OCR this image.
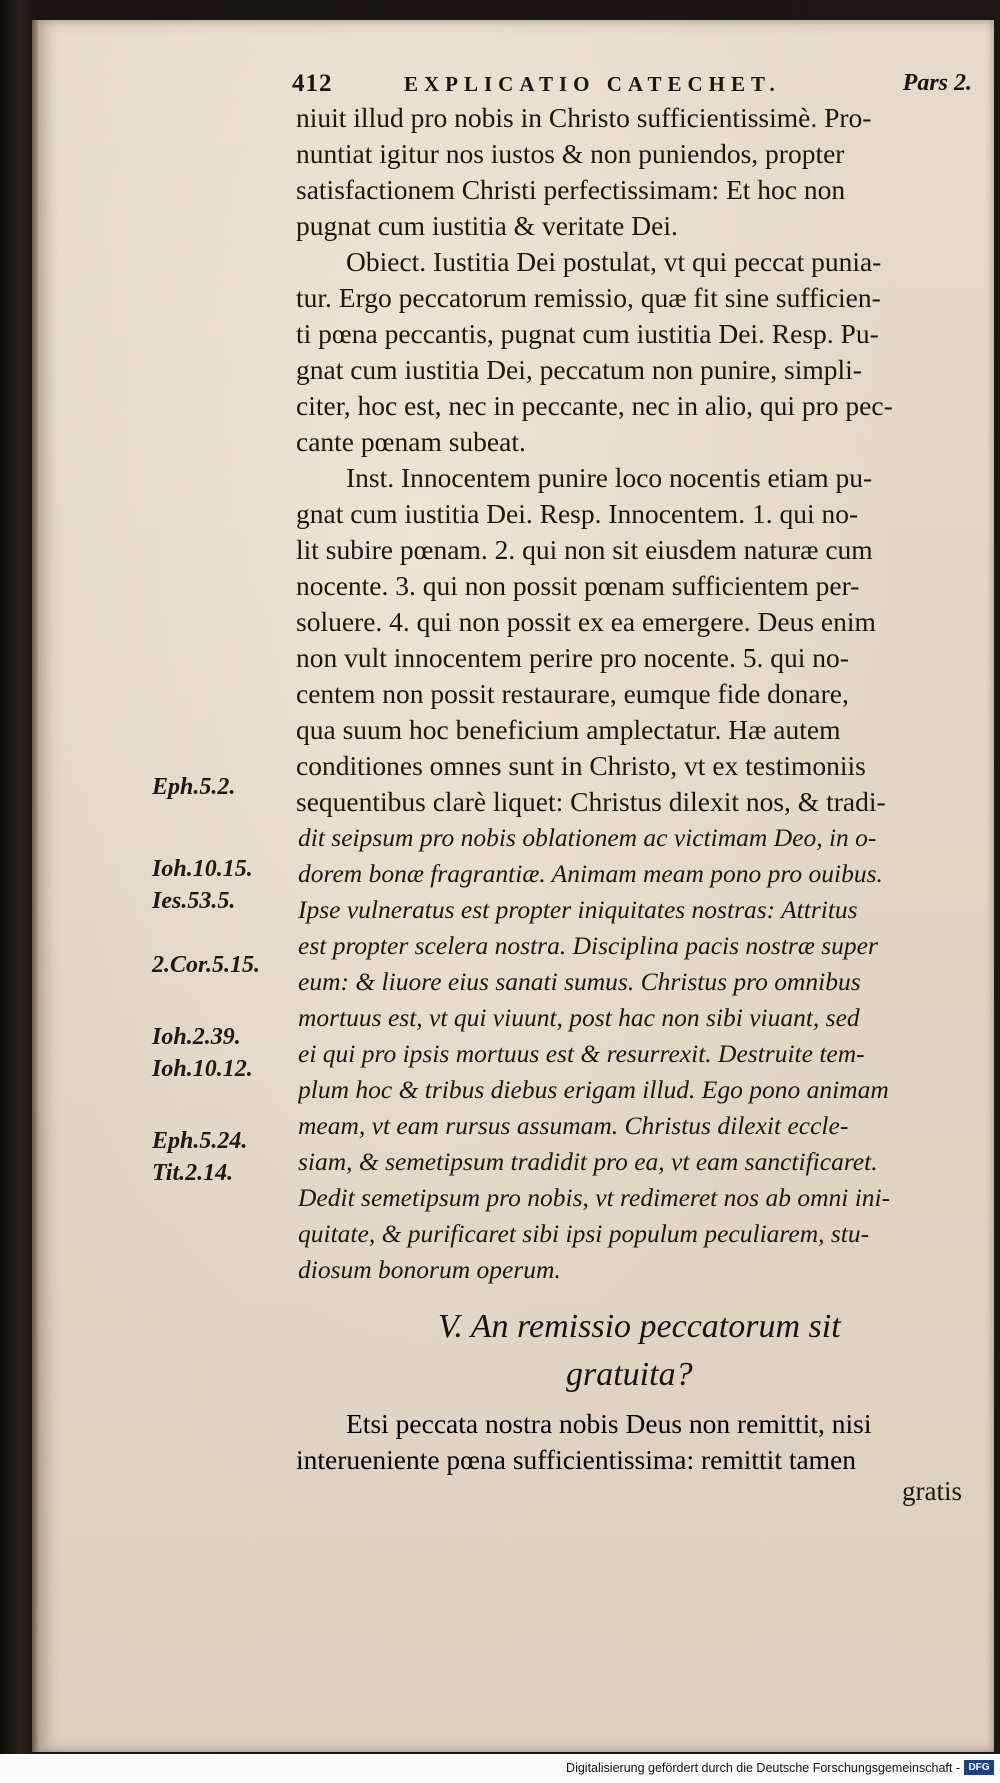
412	EXPLICATIO CATECHET.	Pars 2.
niuit illud pro nobis in Christo sufficientissimè. Pro-
nuntiat igitur nos iustos & non puniendos, propter
satisfactionem Christi perfectissimam: Et hoc non
pugnat cum iustitia & veritate Dei.
Obiect. Iustitia Dei postulat, vt qui peccat punia-
tur. Ergo peccatorum remissio, quæ fit sine sufficien-
ti pœna peccantis, pugnat cum iustitia Dei. Resp. Pu-
gnat cum iustitia Dei, peccatum non punire, simpli-
citer, hoc est, nec in peccante, nec in alio, qui pro pec-
cante pœnam subeat.
Inst. Innocentem punire loco nocentis etiam pu-
gnat cum iustitia Dei. Resp. Innocentem. 1. qui no-
lit subire pœnam. 2. qui non sit eiusdem naturæ cum
nocente. 3. qui non possit pœnam sufficientem per-
soluere. 4. qui non possit ex ea emergere. Deus enim
non vult innocentem perire pro nocente. 5. qui no-
centem non possit restaurare, eumque fide donare,
qua suum hoc beneficium amplectatur. Hæ autem
conditiones omnes sunt in Christo, vt ex testimoniis
sequentibus clarè liquet: Christus dilexit nos, & tradi-
dit seipsum pro nobis oblationem ac victimam Deo, in o-
dorem bonæ fragrantiæ. Animam meam pono pro ouibus.
Ipse vulneratus est propter iniquitates nostras: Attritus
est propter scelera nostra. Disciplina pacis nostræ super
eum: & liuore eius sanati sumus. Christus pro omnibus
mortuus est, vt qui viuunt, post hac non sibi viuant, sed
ei qui pro ipsis mortuus est & resurrexit. Destruite tem-
plum hoc & tribus diebus erigam illud. Ego pono animam
meam, vt eam rursus assumam. Christus dilexit eccle-
siam, & semetipsum tradidit pro ea, vt eam sanctificaret.
Dedit semetipsum pro nobis, vt redimeret nos ab omni ini-
quitate, & purificaret sibi ipsi populum peculiarem, stu-
diosum bonorum operum.
Eph.5.2.
Ioh.10.15.
Ies.53.5.
2.Cor.5.15.
Ioh.2.39.
Ioh.10.12.
Eph.5.24.
Tit.2.14.
V. An remissio peccatorum sit
gratuita?
Etsi peccata nostra nobis Deus non remittit, nisi
interueniente pœna sufficientissima: remittit tamen
gratis
Digitalisierung gefördert durch die Deutsche Forschungsgemeinschaft - DFG
